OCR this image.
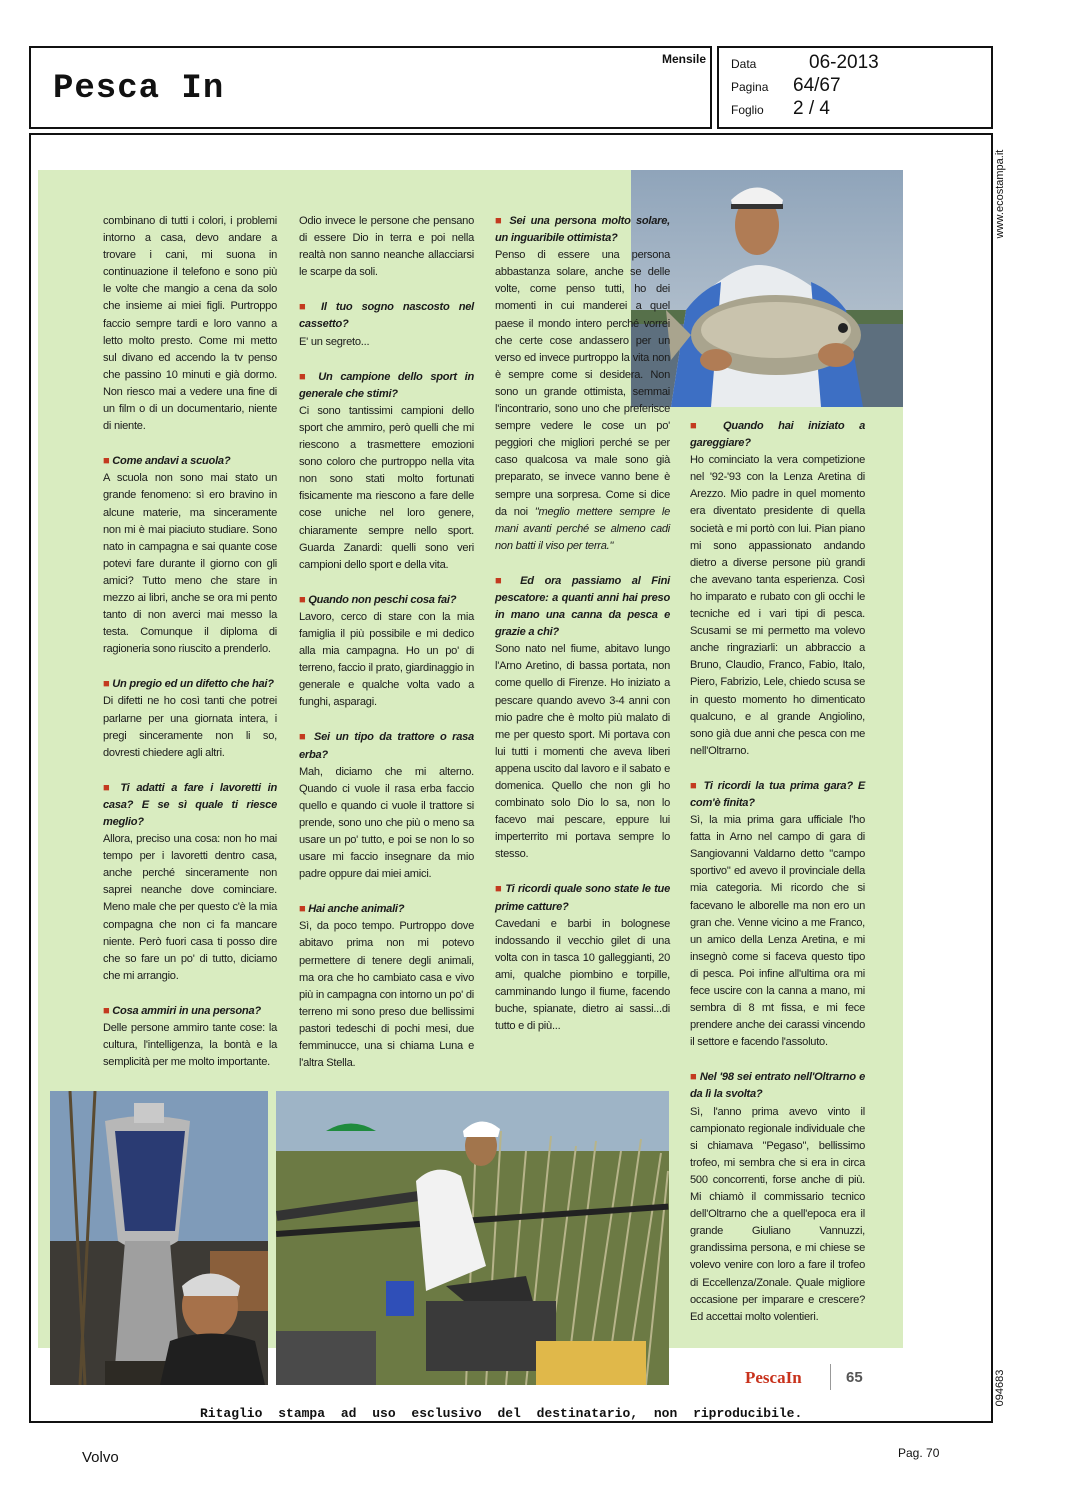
Pesca In
Mensile Data	06-2013
Pagina 64/67
Foglio 2 / 4
www.ecostampa.it
094683

combinano di tutti i colori, i problemi intorno a casa, devo andare a trovare i cani, mi suona in continuazione il telefono e sono più le volte che mangio a cena da solo che insieme ai miei figli. Purtroppo faccio sempre tardi e loro vanno a letto molto presto. Come mi metto sul divano ed accendo la tv penso che passino 10 minuti e già dormo. Non riesco mai a vedere una fine di un film o di un documentario, niente di niente.

■ Come andavi a scuola?

A scuola non sono mai stato un grande fenomeno: sì ero bravino in alcune materie, ma sinceramente non mi è mai piaciuto studiare. Sono nato in campagna e sai quante cose potevi fare durante il giorno con gli amici? Tutto meno che stare in mezzo ai libri, anche se ora mi pento tanto di non averci mai messo la testa. Comunque il diploma di ragioneria sono riuscito a prenderlo.

■ Un pregio ed un difetto che hai?

Di difetti ne ho così tanti che potrei parlarne per una giornata intera, i pregi sinceramente non li so, dovresti chiedere agli altri.

■ Ti adatti a fare i lavoretti in casa? E se sì quale ti riesce meglio?

Allora, preciso una cosa: non ho mai tempo per i lavoretti dentro casa, anche perché sinceramente non saprei neanche dove cominciare. Meno male che per questo c'è la mia compagna che non ci fa mancare niente. Però fuori casa ti posso dire che so fare un po' di tutto, diciamo che mi arrangio.

■ Cosa ammiri in una persona?

Delle persone ammiro tante cose: la cultura, l'intelligenza, la bontà e la semplicità per me molto importante.

Odio invece le persone che pensano di essere Dio in terra e poi nella realtà non sanno neanche allacciarsi le scarpe da soli.

■ Il tuo sogno nascosto nel cassetto?

E' un segreto...

■ Un campione dello sport in generale che stimi?

Ci sono tantissimi campioni dello sport che ammiro, però quelli che mi riescono a trasmettere emozioni sono coloro che purtroppo nella vita non sono stati molto fortunati fisicamente ma riescono a fare delle cose uniche nel loro genere, chiaramente sempre nello sport. Guarda Zanardi: quelli sono veri campioni dello sport e della vita.

■ Quando non peschi cosa fai?

Lavoro, cerco di stare con la mia famiglia il più possibile e mi dedico alla mia campagna. Ho un po' di terreno, faccio il prato, giardinaggio in generale e qualche volta vado a funghi, asparagi.

■ Sei un tipo da trattore o rasa erba?

Mah, diciamo che mi alterno. Quando ci vuole il rasa erba faccio quello e quando ci vuole il trattore si prende, sono uno che più o meno sa usare un po' tutto, e poi se non lo so usare mi faccio insegnare da mio padre oppure dai miei amici.

■ Hai anche animali?

Sì, da poco tempo. Purtroppo dove abitavo prima non mi potevo permettere di tenere degli animali, ma ora che ho cambiato casa e vivo più in campagna con intorno un po' di terreno mi sono preso due bellissimi pastori tedeschi di pochi mesi, due femminucce, una si chiama Luna e l'altra Stella.

■ Sei una persona molto solare, un inguaribile ottimista?

Penso di essere una persona abbastanza solare, anche se delle volte, come penso tutti, ho dei momenti in cui manderei a quel paese il mondo intero perché vorrei che certe cose andassero per un verso ed invece purtroppo la vita non è sempre come si desidera. Non sono un grande ottimista, semmai l'incontrario, sono uno che preferisce sempre vedere le cose un po' peggiori che migliori perché se per caso qualcosa va male sono già preparato, se invece vanno bene è sempre una sorpresa. Come si dice da noi "meglio mettere sempre le mani avanti perché se almeno cadi non batti il viso per terra."

■ Ed ora passiamo al Fini pescatore: a quanti anni hai preso in mano una canna da pesca e grazie a chi?

Sono nato nel fiume, abitavo lungo l'Arno Aretino, di bassa portata, non come quello di Firenze. Ho iniziato a pescare quando avevo 3-4 anni con mio padre che è molto più malato di me per questo sport. Mi portava con lui tutti i momenti che aveva liberi appena uscito dal lavoro e il sabato e domenica. Quello che non gli ho combinato solo Dio lo sa, non lo facevo mai pescare, eppure lui imperterrito mi portava sempre lo stesso.

■ Ti ricordi quale sono state le tue prime catture?

Cavedani e barbi in bolognese indossando il vecchio gilet di una volta con in tasca 10 galleggianti, 20 ami, qualche piombino e torpille, camminando lungo il fiume, facendo buche, spianate, dietro ai sassi...di tutto e di più...

■ Quando hai iniziato a gareggiare?

Ho cominciato la vera competizione nel '92-'93 con la Lenza Aretina di Arezzo. Mio padre in quel momento era diventato presidente di quella società e mi portò con lui. Pian piano mi sono appassionato andando dietro a diverse persone più grandi che avevano tanta esperienza. Così ho imparato e rubato con gli occhi le tecniche ed i vari tipi di pesca. Scusami se mi permetto ma volevo anche ringraziarli: un abbraccio a Bruno, Claudio, Franco, Fabio, Italo, Piero, Fabrizio, Lele, chiedo scusa se in questo momento ho dimenticato qualcuno, e al grande Angiolino, sono già due anni che pesca con me nell'Oltrarno.

■ Ti ricordi la tua prima gara? E com'è finita?

Sì, la mia prima gara ufficiale l'ho fatta in Arno nel campo di gara di Sangiovanni Valdarno detto "campo sportivo" ed avevo il provinciale della mia categoria. Mi ricordo che si facevano le alborelle ma non ero un gran che. Venne vicino a me Franco, un amico della Lenza Aretina, e mi insegnò come si faceva questo tipo di pesca. Poi infine all'ultima ora mi fece uscire con la canna a mano, mi sembra di 8 mt fissa, e mi fece prendere anche dei carassi vincendo il settore e facendo l'assoluto.

■ Nel '98 sei entrato nell'Oltrarno e da lì la svolta?

Sì, l'anno prima avevo vinto il campionato regionale individuale che si chiamava "Pegaso", bellissimo trofeo, mi sembra che si era in circa 500 concorrenti, forse anche di più. Mi chiamò il commissario tecnico dell'Oltrarno che a quell'epoca era il grande Giuliano Vannuzzi, grandissima persona, e mi chiese se volevo venire con loro a fare il trofeo di Eccellenza/Zonale. Quale migliore occasione per imparare e crescere? Ed accettai molto volentieri.

PescaIn	65
Ritaglio stampa ad uso esclusivo del destinatario, non riproducibile.
Volvo	Pag. 70
